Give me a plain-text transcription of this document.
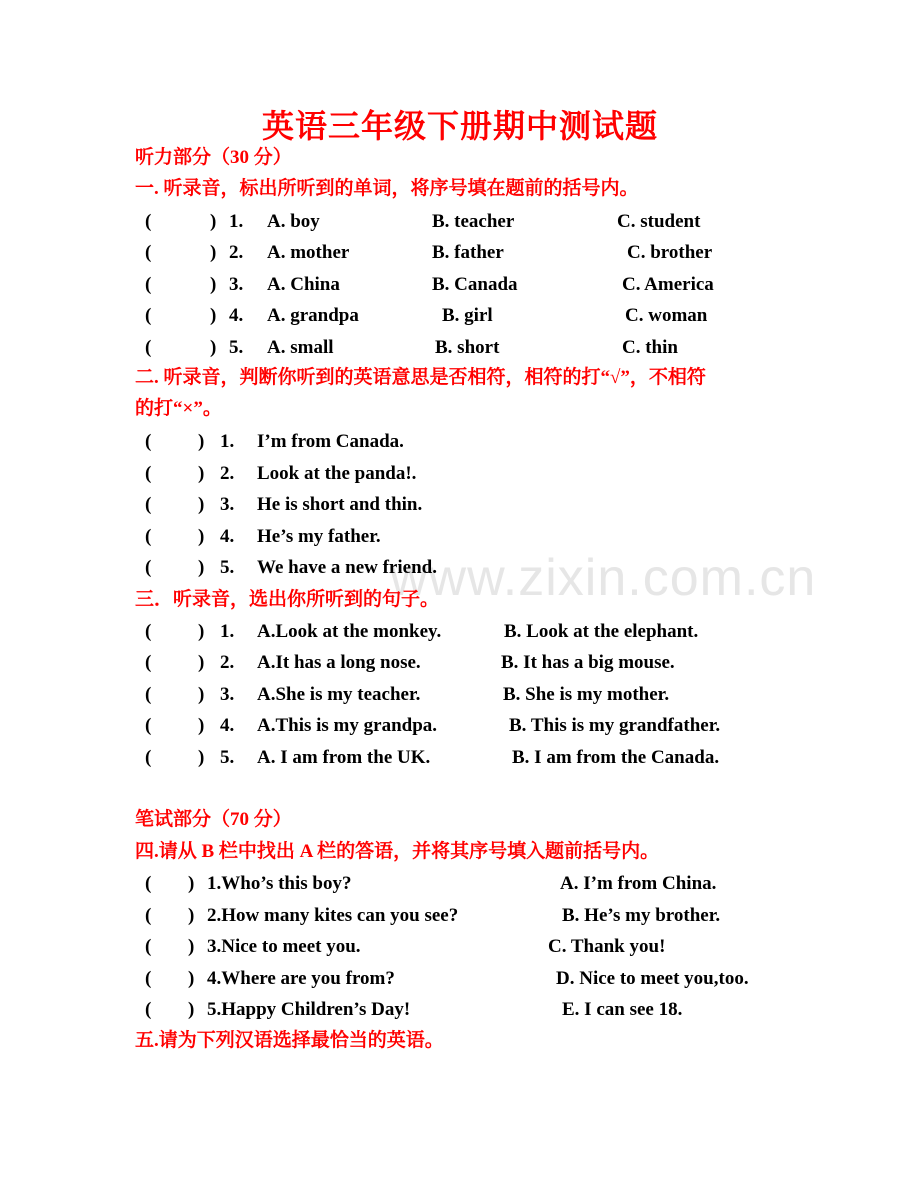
www.zixin.com.cn
英语三年级下册期中测试题
听力部分（30 分）
一. 听录音，标出所听到的单词，将序号填在题前的括号内。
(	) 1. A. boy	B. teacher	C. student
(	) 2. A. mother	B. father	C. brother
(	) 3. A. China	B. Canada	C. America
(	) 4. A. grandpa	B. girl	C. woman
(	) 5. A. small	B. short	C. thin
二. 听录音，判断你听到的英语意思是否相符，相符的打“√”，不相符
的打“×”。
( ) 1. I’m from Canada.
( ) 2. Look at the panda!.
( ) 3. He is short and thin.
( ) 4. He’s my father.
( ) 5. We have a new friend.
三．听录音，选出你所听到的句子。
( ) 1. A.Look at the monkey.	B. Look at the elephant.
( ) 2. A.It has a long nose.	B. It has a big mouse.
( ) 3. A.She is my teacher.	B. She is my mother.
( ) 4. A.This is my grandpa.	B. This is my grandfather.
( ) 5. A. I am from the UK.	B. I am from the Canada.
笔试部分（70 分）
四.请从 B 栏中找出 A 栏的答语，并将其序号填入题前括号内。
( ) 1.Who’s this boy?	A. I’m from China.
( ) 2.How many kites can you see?	B. He’s my brother.
( ) 3.Nice to meet you.	C. Thank you!
( ) 4.Where are you from?	D. Nice to meet you,too.
( ) 5.Happy Children’s Day!	E. I can see 18.
五.请为下列汉语选择最恰当的英语。
